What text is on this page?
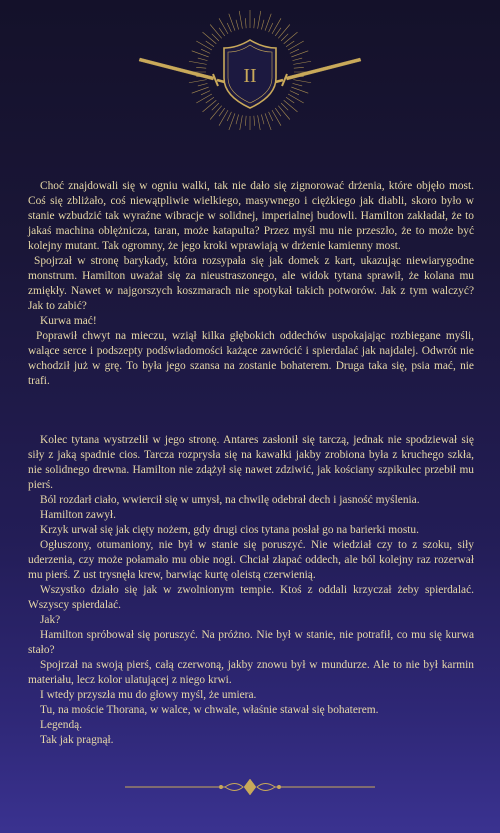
II

Choć znajdowali się w ogniu walki, tak nie dało się zignorować drżenia, które objęło most. Coś się zbliżało, coś niewątpliwie wielkiego, masywnego i ciężkiego jak diabli, skoro było w stanie wzbudzić tak wyraźne wibracje w solidnej, imperialnej budowli. Hamilton zakładał, że to jakaś machina oblężnicza, taran, może katapulta? Przez myśl mu nie przeszło, że to może być kolejny mutant. Tak ogromny, że jego kroki wprawiają w drżenie kamienny most.

Spojrzał w stronę barykady, która rozsypała się jak domek z kart, ukazując niewiarygodne monstrum. Hamilton uważał się za nieustraszonego, ale widok tytana sprawił, że kolana mu zmiękły. Nawet w najgorszych koszmarach nie spotykał takich potworów. Jak z tym walczyć? Jak to zabić?

Kurwa mać!

Poprawił chwyt na mieczu, wziął kilka głębokich oddechów uspokajając rozbiegane myśli, walące serce i podszepty podświadomości każące zawrócić i spierdalać jak najdalej. Odwrót nie wchodził już w grę. To była jego szansa na zostanie bohaterem. Druga taka się, psia mać, nie trafi.

Kolec tytana wystrzelił w jego stronę. Antares zasłonił się tarczą, jednak nie spodziewał się siły z jaką spadnie cios. Tarcza rozprysła się na kawałki jakby zrobiona była z kruchego szkła, nie solidnego drewna. Hamilton nie zdążył się nawet zdziwić, jak kościany szpikulec przebił mu pierś.

Ból rozdarł ciało, wwiercił się w umysł, na chwilę odebrał dech i jasność myślenia.

Hamilton zawył.

Krzyk urwał się jak cięty nożem, gdy drugi cios tytana posłał go na barierki mostu.

Ogłuszony, otumaniony, nie był w stanie się poruszyć. Nie wiedział czy to z szoku, siły uderzenia, czy może połamało mu obie nogi. Chciał złapać oddech, ale ból kolejny raz rozerwał mu pierś. Z ust trysnęła krew, barwiąc kurtę oleistą czerwienią.

Wszystko działo się jak w zwolnionym tempie. Ktoś z oddali krzyczał żeby spierdalać. Wszyscy spierdalać.

Jak?

Hamilton spróbował się poruszyć. Na próżno. Nie był w stanie, nie potrafił, co mu się kurwa stało?

Spojrzał na swoją pierś, całą czerwoną, jakby znowu był w mundurze. Ale to nie był karmin materiału, lecz kolor ulatującej z niego krwi.

I wtedy przyszła mu do głowy myśl, że umiera.

Tu, na moście Thorana, w walce, w chwale, właśnie stawał się bohaterem.

Legendą.

Tak jak pragnął.
